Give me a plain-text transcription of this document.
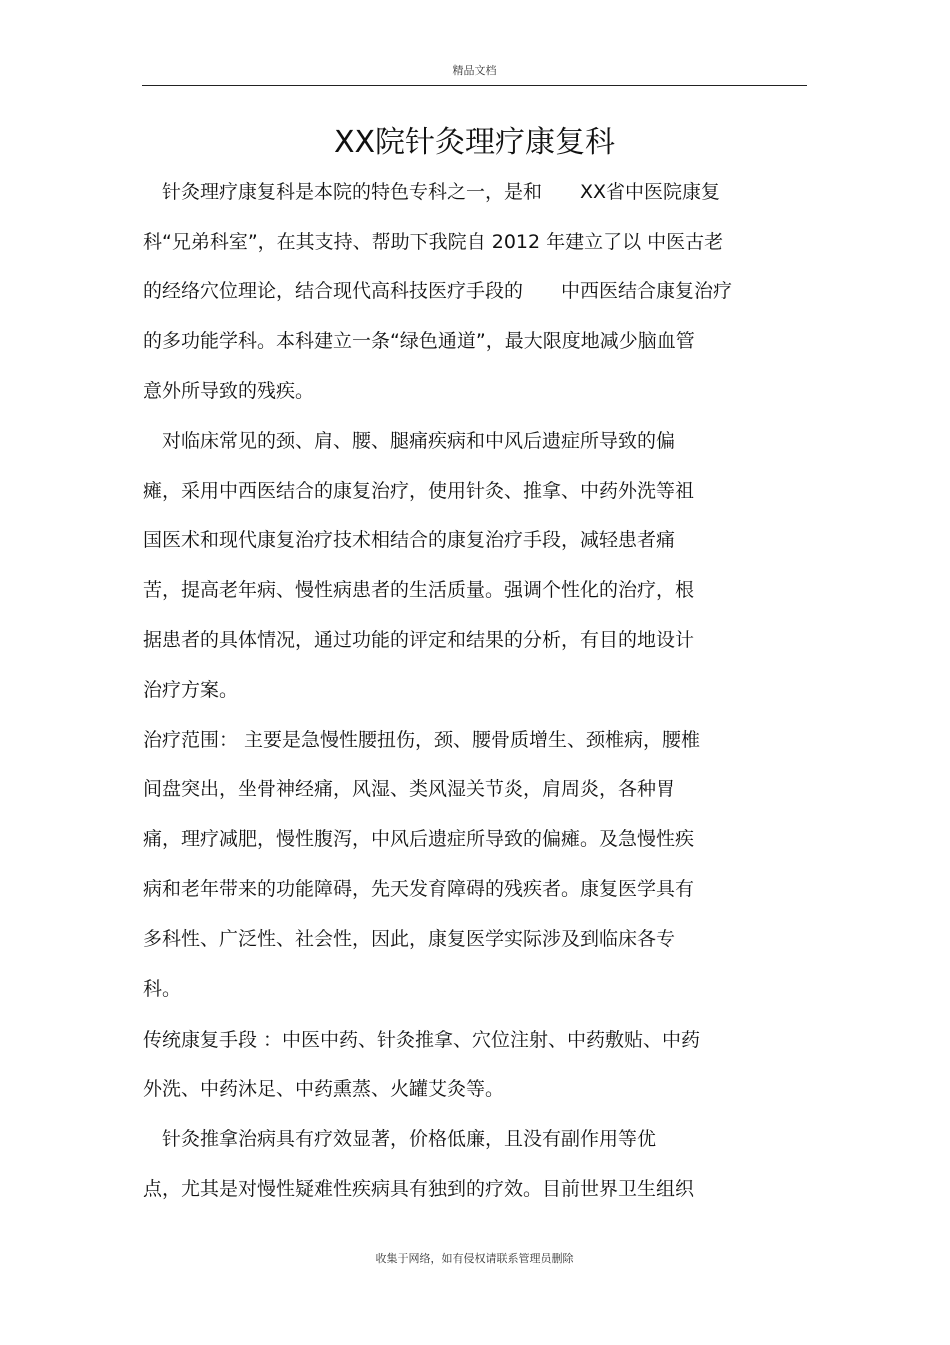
精品文档
XX院针灸理疗康复科
　针灸理疗康复科是本院的特色专科之一，是和　　XX省中医院康复
科“兄弟科室”，在其支持、帮助下我院自 2012 年建立了以 中医古老
的经络穴位理论，结合现代高科技医疗手段的　　中西医结合康复治疗
的多功能学科。本科建立一条“绿色通道”，最大限度地减少脑血管
意外所导致的残疾。
　对临床常见的颈、肩、腰、腿痛疾病和中风后遗症所导致的偏
瘫，采用中西医结合的康复治疗，使用针灸、推拿、中药外洗等祖
国医术和现代康复治疗技术相结合的康复治疗手段，减轻患者痛
苦，提高老年病、慢性病患者的生活质量。强调个性化的治疗，根
据患者的具体情况，通过功能的评定和结果的分析，有目的地设计
治疗方案。
治疗范围： 主要是急慢性腰扭伤，颈、腰骨质增生、颈椎病，腰椎
间盘突出，坐骨神经痛，风湿、类风湿关节炎，肩周炎，各种胃
痛，理疗减肥，慢性腹泻，中风后遗症所导致的偏瘫。及急慢性疾
病和老年带来的功能障碍，先天发育障碍的残疾者。康复医学具有
多科性、广泛性、社会性，因此，康复医学实际涉及到临床各专
科。
传统康复手段 ：中医中药、针灸推拿、穴位注射、中药敷贴、中药
外洗、中药沐足、中药熏蒸、火罐艾灸等。
　针灸推拿治病具有疗效显著，价格低廉，且没有副作用等优
点，尤其是对慢性疑难性疾病具有独到的疗效。目前世界卫生组织
收集于网络，如有侵权请联系管理员删除
